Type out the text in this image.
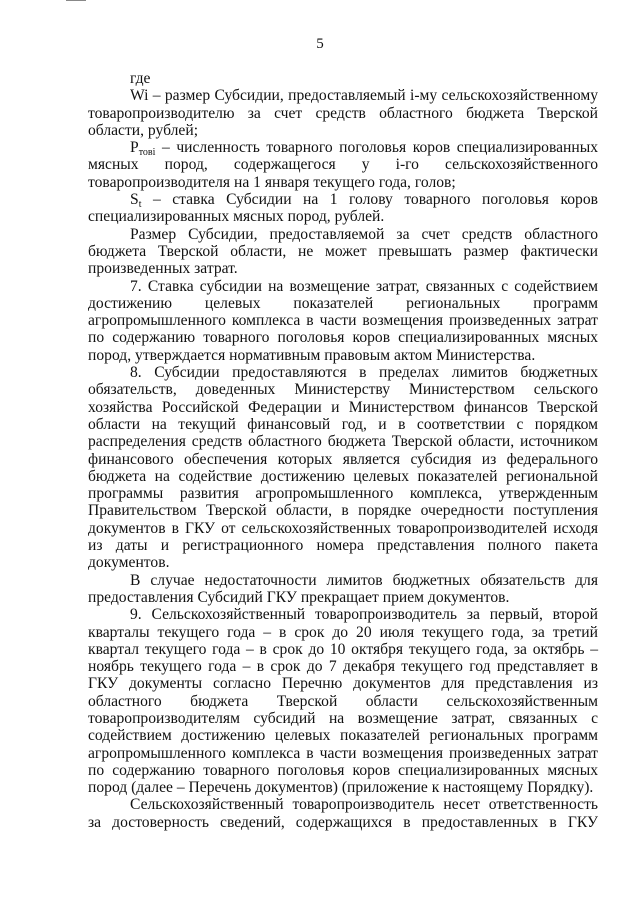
5

где

Wi – размер Субсидии, предоставляемый i-му сельскохозяйственному товаропроизводителю за счет средств областного бюджета Тверской области, рублей;

$P_{тові}$ – численность товарного поголовья коров специализированных мясных пород, содержащегося у i-го сельскохозяйственного товаропроизводителя на 1 января текущего года, голов;

$S_t$ – ставка Субсидии на 1 голову товарного поголовья коров специализированных мясных пород, рублей.

Размер Субсидии, предоставляемой за счет средств областного бюджета Тверской области, не может превышать размер фактически произведенных затрат.

7. Ставка субсидии на возмещение затрат, связанных с содействием достижению целевых показателей региональных программ агропромышленного комплекса в части возмещения произведенных затрат по содержанию товарного поголовья коров специализированных мясных пород, утверждается нормативным правовым актом Министерства.

8. Субсидии предоставляются в пределах лимитов бюджетных обязательств, доведенных Министерству Министерством сельского хозяйства Российской Федерации и Министерством финансов Тверской области на текущий финансовый год, и в соответствии с порядком распределения средств областного бюджета Тверской области, источником финансового обеспечения которых является субсидия из федерального бюджета на содействие достижению целевых показателей региональной программы развития агропромышленного комплекса, утвержденным Правительством Тверской области, в порядке очередности поступления документов в ГКУ от сельскохозяйственных товаропроизводителей исходя из даты и регистрационного номера представления полного пакета документов.

В случае недостаточности лимитов бюджетных обязательств для предоставления Субсидий ГКУ прекращает прием документов.

9. Сельскохозяйственный товаропроизводитель за первый, второй кварталы текущего года – в срок до 20 июля текущего года, за третий квартал текущего года – в срок до 10 октября текущего года, за октябрь – ноябрь текущего года – в срок до 7 декабря текущего год представляет в ГКУ документы согласно Перечню документов для представления из областного бюджета Тверской области сельскохозяйственным товаропроизводителям субсидий на возмещение затрат, связанных с содействием достижению целевых показателей региональных программ агропромышленного комплекса в части возмещения произведенных затрат по содержанию товарного поголовья коров специализированных мясных пород (далее – Перечень документов) (приложение к настоящему Порядку).

Сельскохозяйственный товаропроизводитель несет ответственность за достоверность сведений, содержащихся в предоставленных в ГКУ
